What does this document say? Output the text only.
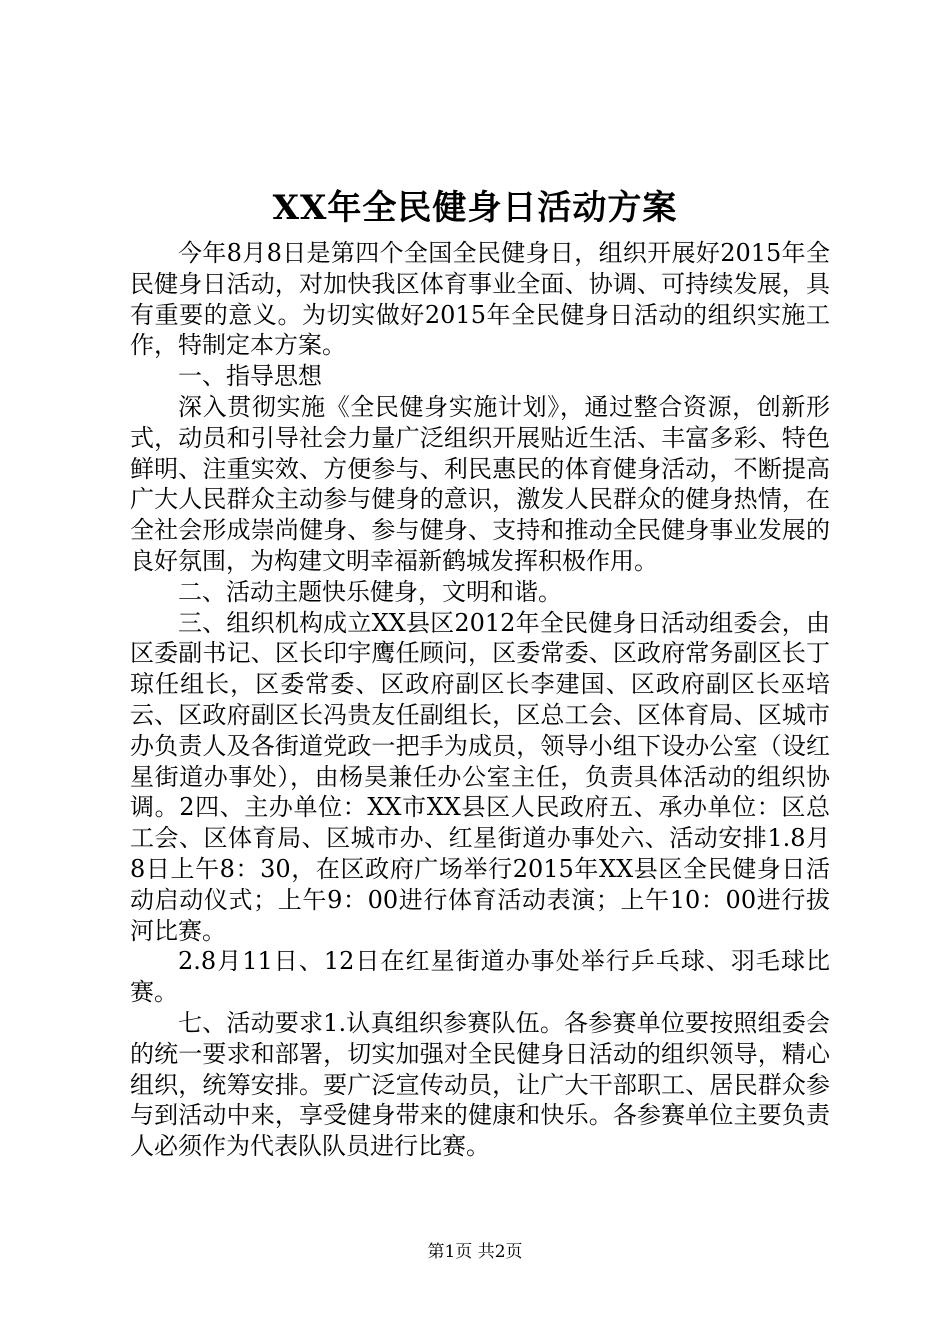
XX年全民健身日活动方案

今年8月8日是第四个全国全民健身日，组织开展好2015年全民健身日活动，对加快我区体育事业全面、协调、可持续发展，具有重要的意义。为切实做好2015年全民健身日活动的组织实施工作，特制定本方案。

一、指导思想

深入贯彻实施《全民健身实施计划》，通过整合资源，创新形式，动员和引导社会力量广泛组织开展贴近生活、丰富多彩、特色鲜明、注重实效、方便参与、利民惠民的体育健身活动，不断提高广大人民群众主动参与健身的意识，激发人民群众的健身热情，在全社会形成崇尚健身、参与健身、支持和推动全民健身事业发展的良好氛围，为构建文明幸福新鹤城发挥积极作用。

二、活动主题快乐健身，文明和谐。

三、组织机构成立XX县区2012年全民健身日活动组委会，由区委副书记、区长印宇鹰任顾问，区委常委、区政府常务副区长丁琼任组长，区委常委、区政府副区长李建国、区政府副区长巫培云、区政府副区长冯贵友任副组长，区总工会、区体育局、区城市办负责人及各街道党政一把手为成员，领导小组下设办公室（设红星街道办事处），由杨昊兼任办公室主任，负责具体活动的组织协调。2四、主办单位：XX市XX县区人民政府五、承办单位：区总工会、区体育局、区城市办、红星街道办事处六、活动安排1.8月8日上午8：30，在区政府广场举行2015年XX县区全民健身日活动启动仪式；上午9：00进行体育活动表演；上午10：00进行拔河比赛。

2.8月11日、12日在红星街道办事处举行乒乓球、羽毛球比赛。

七、活动要求1.认真组织参赛队伍。各参赛单位要按照组委会的统一要求和部署，切实加强对全民健身日活动的组织领导，精心组织，统筹安排。要广泛宣传动员，让广大干部职工、居民群众参与到活动中来，享受健身带来的健康和快乐。各参赛单位主要负责人必须作为代表队队员进行比赛。

第1页 共2页
